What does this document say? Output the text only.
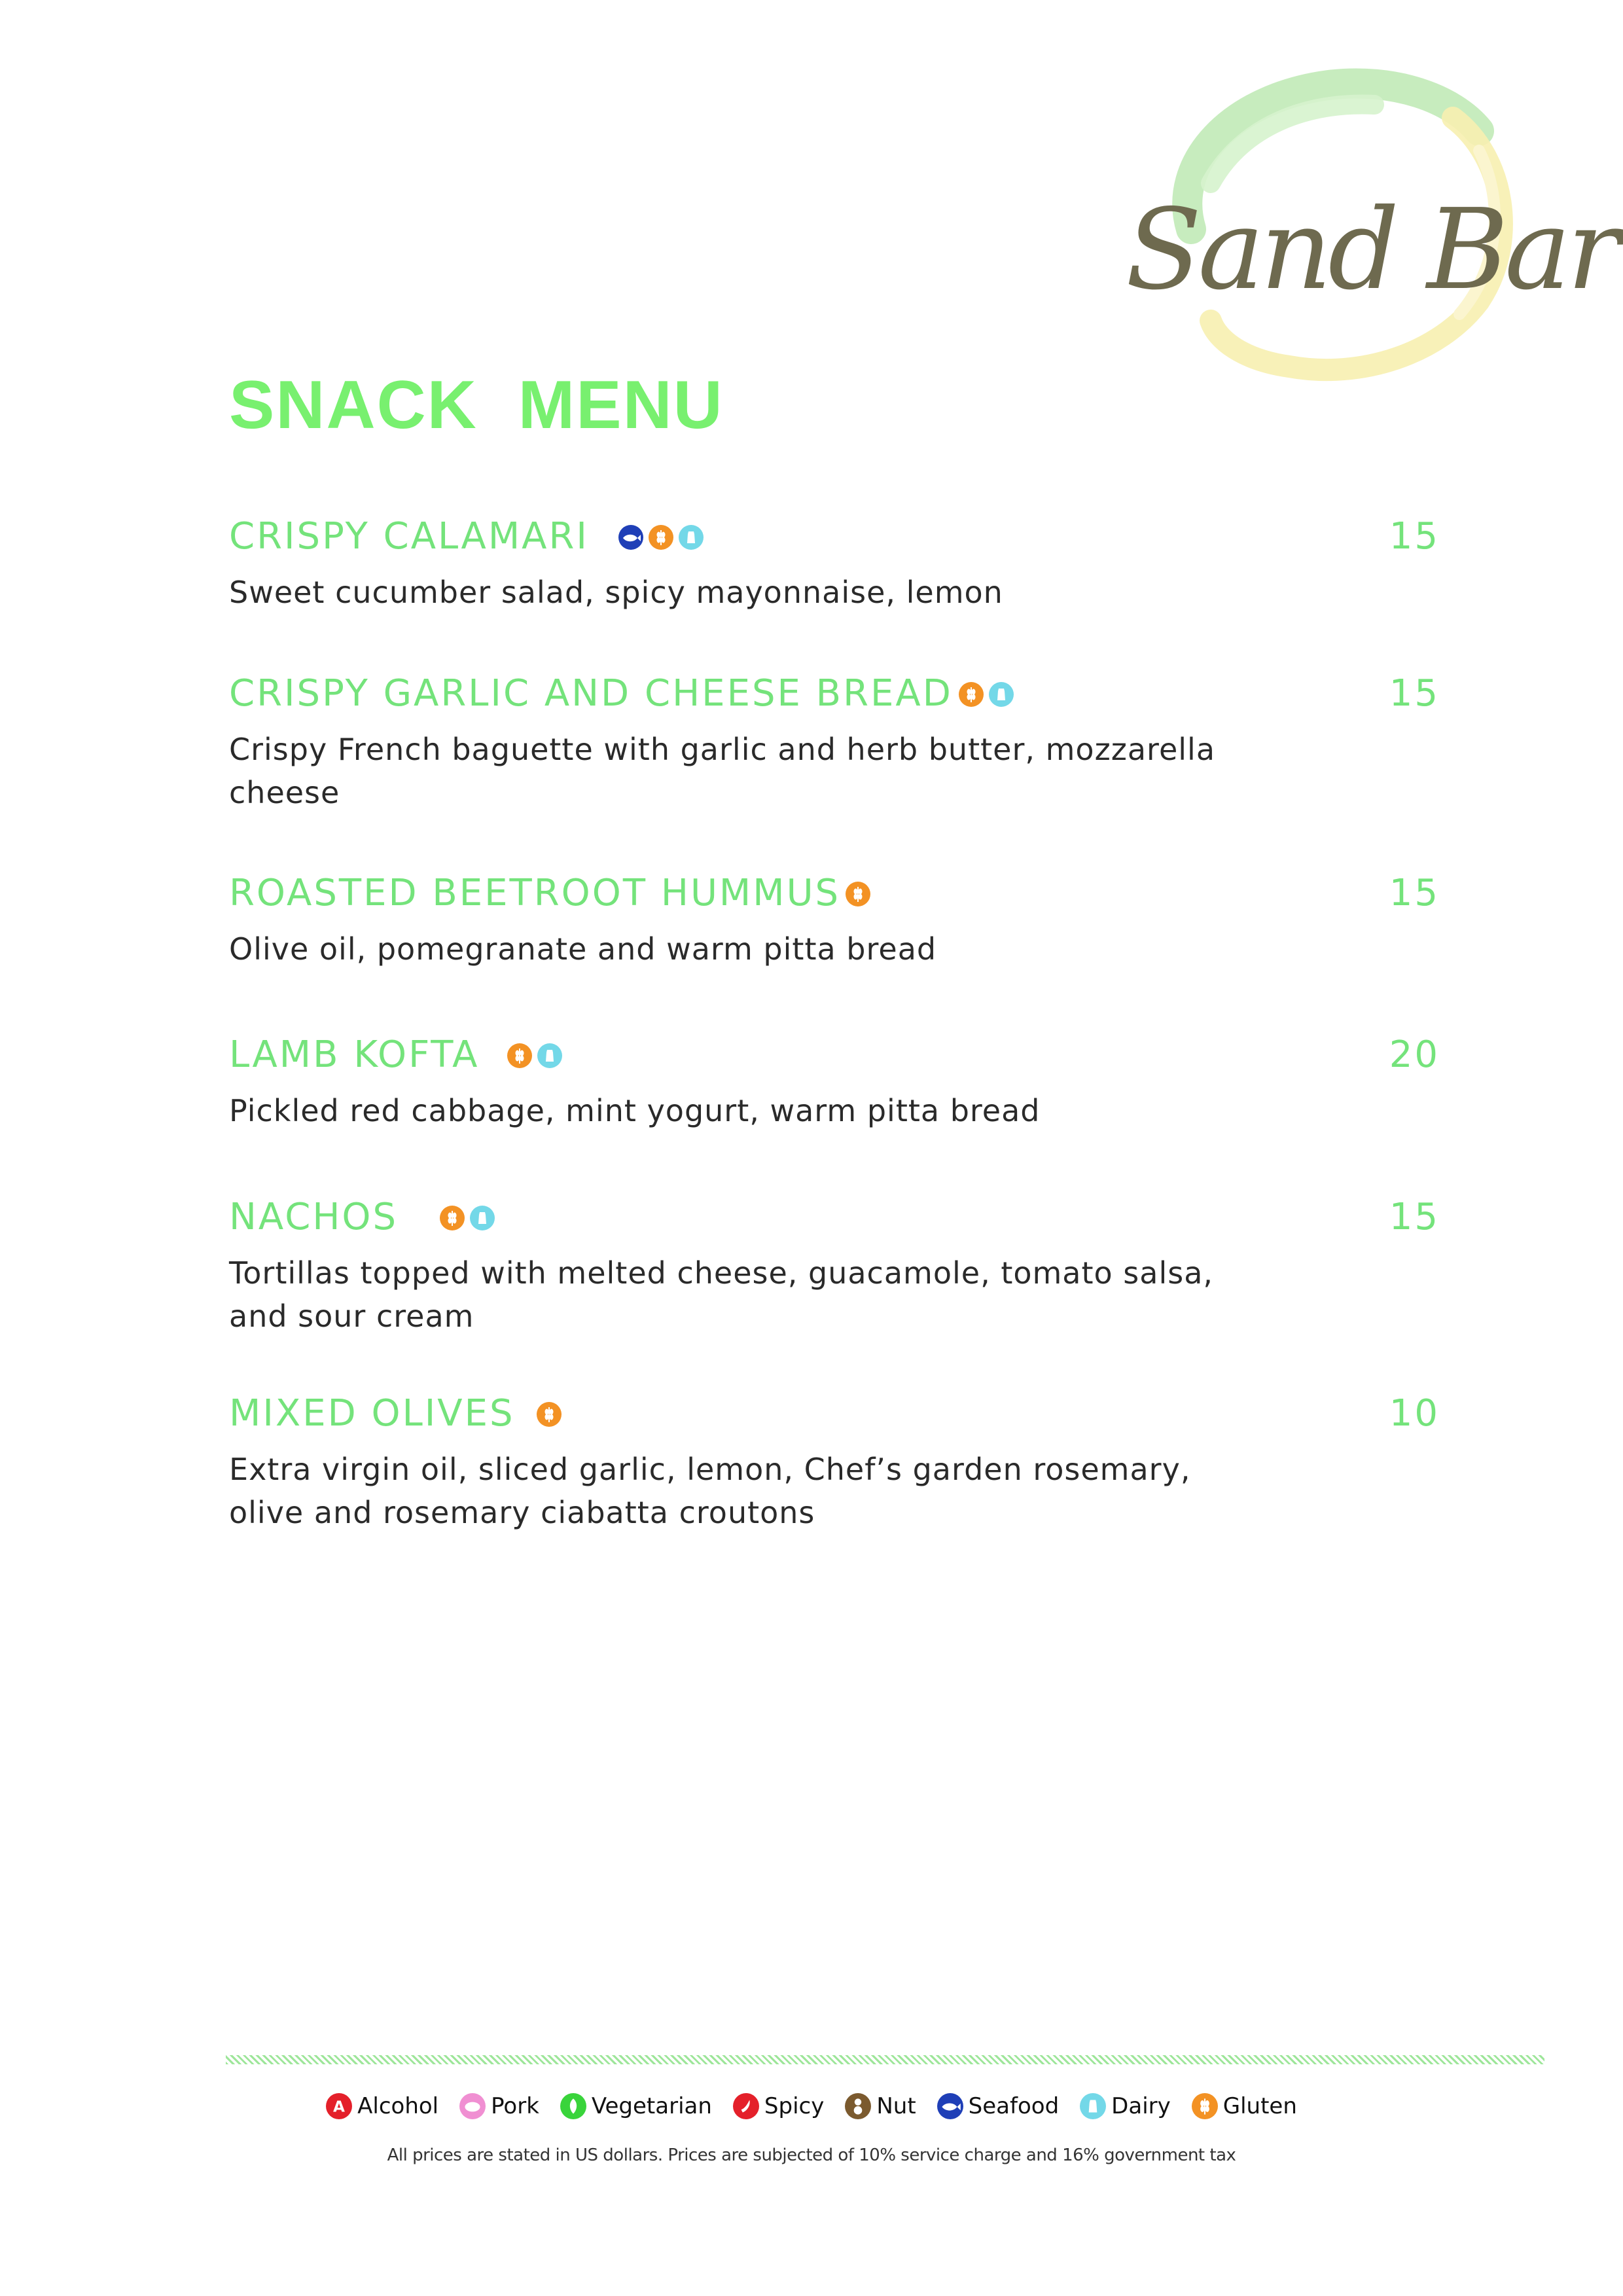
Sand Bar
SNACK  MENU
CRISPY CALAMARI	15
Sweet cucumber salad, spicy mayonnaise, lemon
CRISPY GARLIC AND CHEESE BREAD	15
Crispy French baguette with garlic and herb butter, mozzarella cheese
ROASTED BEETROOT HUMMUS	15
Olive oil, pomegranate and warm pitta bread
LAMB KOFTA	20
Pickled red cabbage, mint yogurt, warm pitta bread
NACHOS	15
Tortillas topped with melted cheese, guacamole, tomato salsa, and sour cream
MIXED OLIVES	10
Extra virgin oil, sliced garlic, lemon, Chef’s garden rosemary, olive and rosemary ciabatta croutons
A Alcohol Pork Vegetarian Spicy Nut Seafood Dairy Gluten
All prices are stated in US dollars. Prices are subjected of 10% service charge and 16% government tax
